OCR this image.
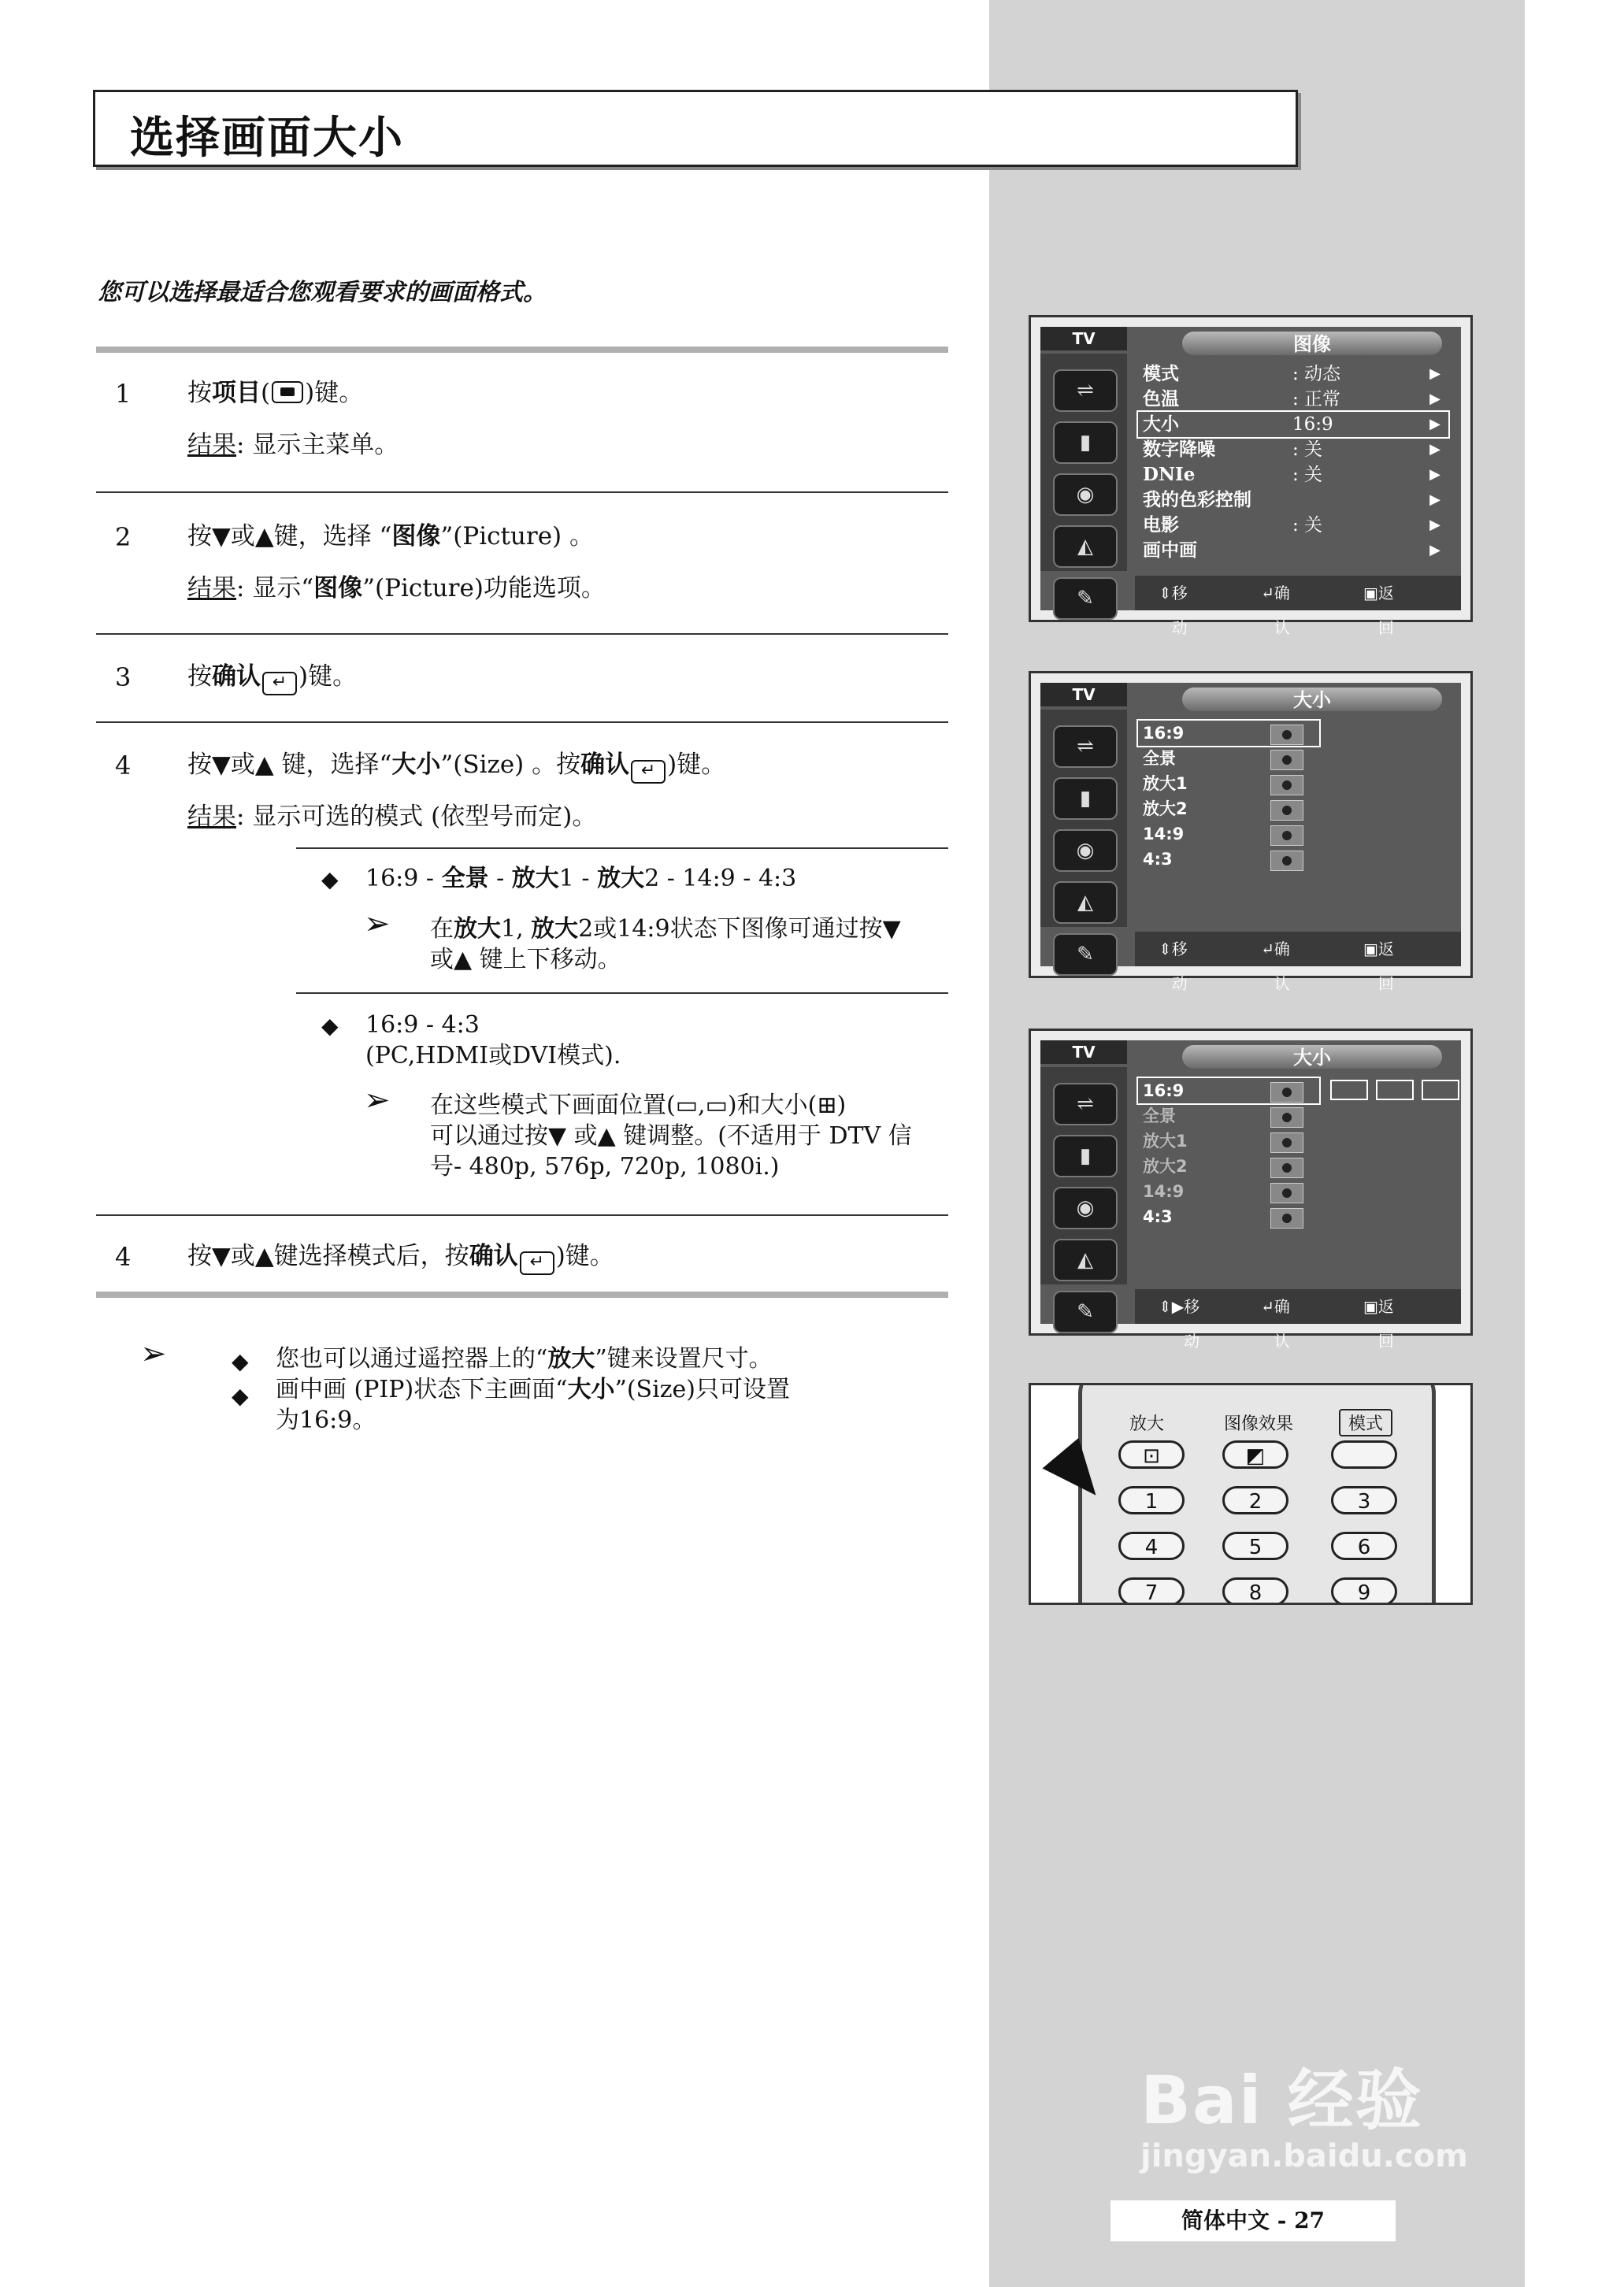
选择画面大小
您可以选择最适合您观看要求的画面格式。
1 按项目( )键。
结果: 显示主菜单。
2 按▼或▲键，选择 “图像”(Picture) 。
结果: 显示“图像”(Picture)功能选项。
3 按确认 ↵ )键。
4 按▼或▲ 键，选择“大小”(Size) 。按确认 ↵ )键。
结果: 显示可选的模式 (依型号而定)。
◆ 16:9 - 全景 - 放大1 - 放大2 - 14:9 - 4:3
➢ 在放大1, 放大2或14:9状态下图像可通过按▼
或▲ 键上下移动。
◆ 16:9 - 4:3
(PC,HDMI或DVI模式).
➢ 在这些模式下画面位置(▭,▭)和大小(⊞)
可以通过按▼ 或▲ 键调整。(不适用于 DTV 信
号- 480p, 576p, 720p, 1080i.)
4 按▼或▲键选择模式后，按确认 ↵ )键。
➢	◆
◆
您也可以通过遥控器上的“放大”键来设置尺寸。
画中画 (PIP)状态下主画面“大小”(Size)只可设置
为16:9。
TV	图像
⇌
▮
◉
◭
✎
模式	: 动态	▶
色温	: 正常	▶
大小	16:9	▶
数字降噪	: 关	▶
DNIe	: 关	▶
我的色彩控制	▶
电影	: 关	▶
画中画	▶
⇕ 移动
↵ 确认
▣ 返回
TV	大小
⇌
▮
◉
◭
✎
16:9
全景
放大1
放大2
14:9
4:3
⇕ 移动
↵ 确认
▣ 返回
TV	大小
⇌
▮
◉
◭
✎
16:9
全景
放大1
放大2
14:9
4:3
⇕▶ 移动
↵ 确认
▣ 返回
放大	图像效果	模式
⊡	◩
1	2	3
4	5	6
7	8	9
Bai 经验
jingyan.baidu.com
简体中文 - 27
